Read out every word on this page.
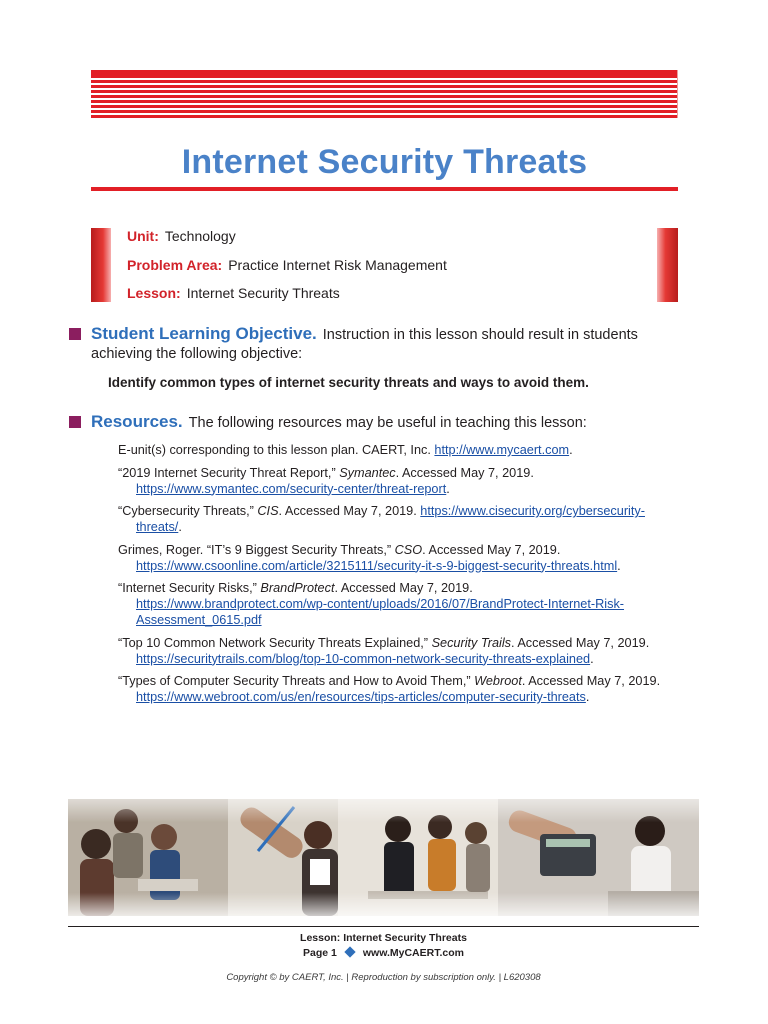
Internet Security Threats
Unit: Technology
Problem Area: Practice Internet Risk Management
Lesson: Internet Security Threats
Student Learning Objective. Instruction in this lesson should result in students
achieving the following objective:
Identify common types of internet security threats and ways to avoid them.
Resources. The following resources may be useful in teaching this lesson:
E-unit(s) corresponding to this lesson plan. CAERT, Inc. http://www.mycaert.com.
“2019 Internet Security Threat Report,” Symantec. Accessed May 7, 2019.
https://www.symantec.com/security-center/threat-report.
“Cybersecurity Threats,” CIS. Accessed May 7, 2019. https://www.cisecurity.org/cybersecurity-threats/.
Grimes, Roger. “IT’s 9 Biggest Security Threats,” CSO. Accessed May 7, 2019.
https://www.csoonline.com/article/3215111/security-it-s-9-biggest-security-threats.html.
“Internet Security Risks,” BrandProtect. Accessed May 7, 2019.
https://www.brandprotect.com/wp-content/uploads/2016/07/BrandProtect-Internet-Risk-Assessment_0615.pdf
“Top 10 Common Network Security Threats Explained,” Security Trails. Accessed May 7, 2019. https://securitytrails.com/blog/top-10-common-network-security-threats-explained.
“Types of Computer Security Threats and How to Avoid Them,” Webroot. Accessed May 7, 2019. https://www.webroot.com/us/en/resources/tips-articles/computer-security-threats.
Lesson: Internet Security Threats
Page 1 www.MyCAERT.com
Copyright © by CAERT, Inc. | Reproduction by subscription only. | L620308
